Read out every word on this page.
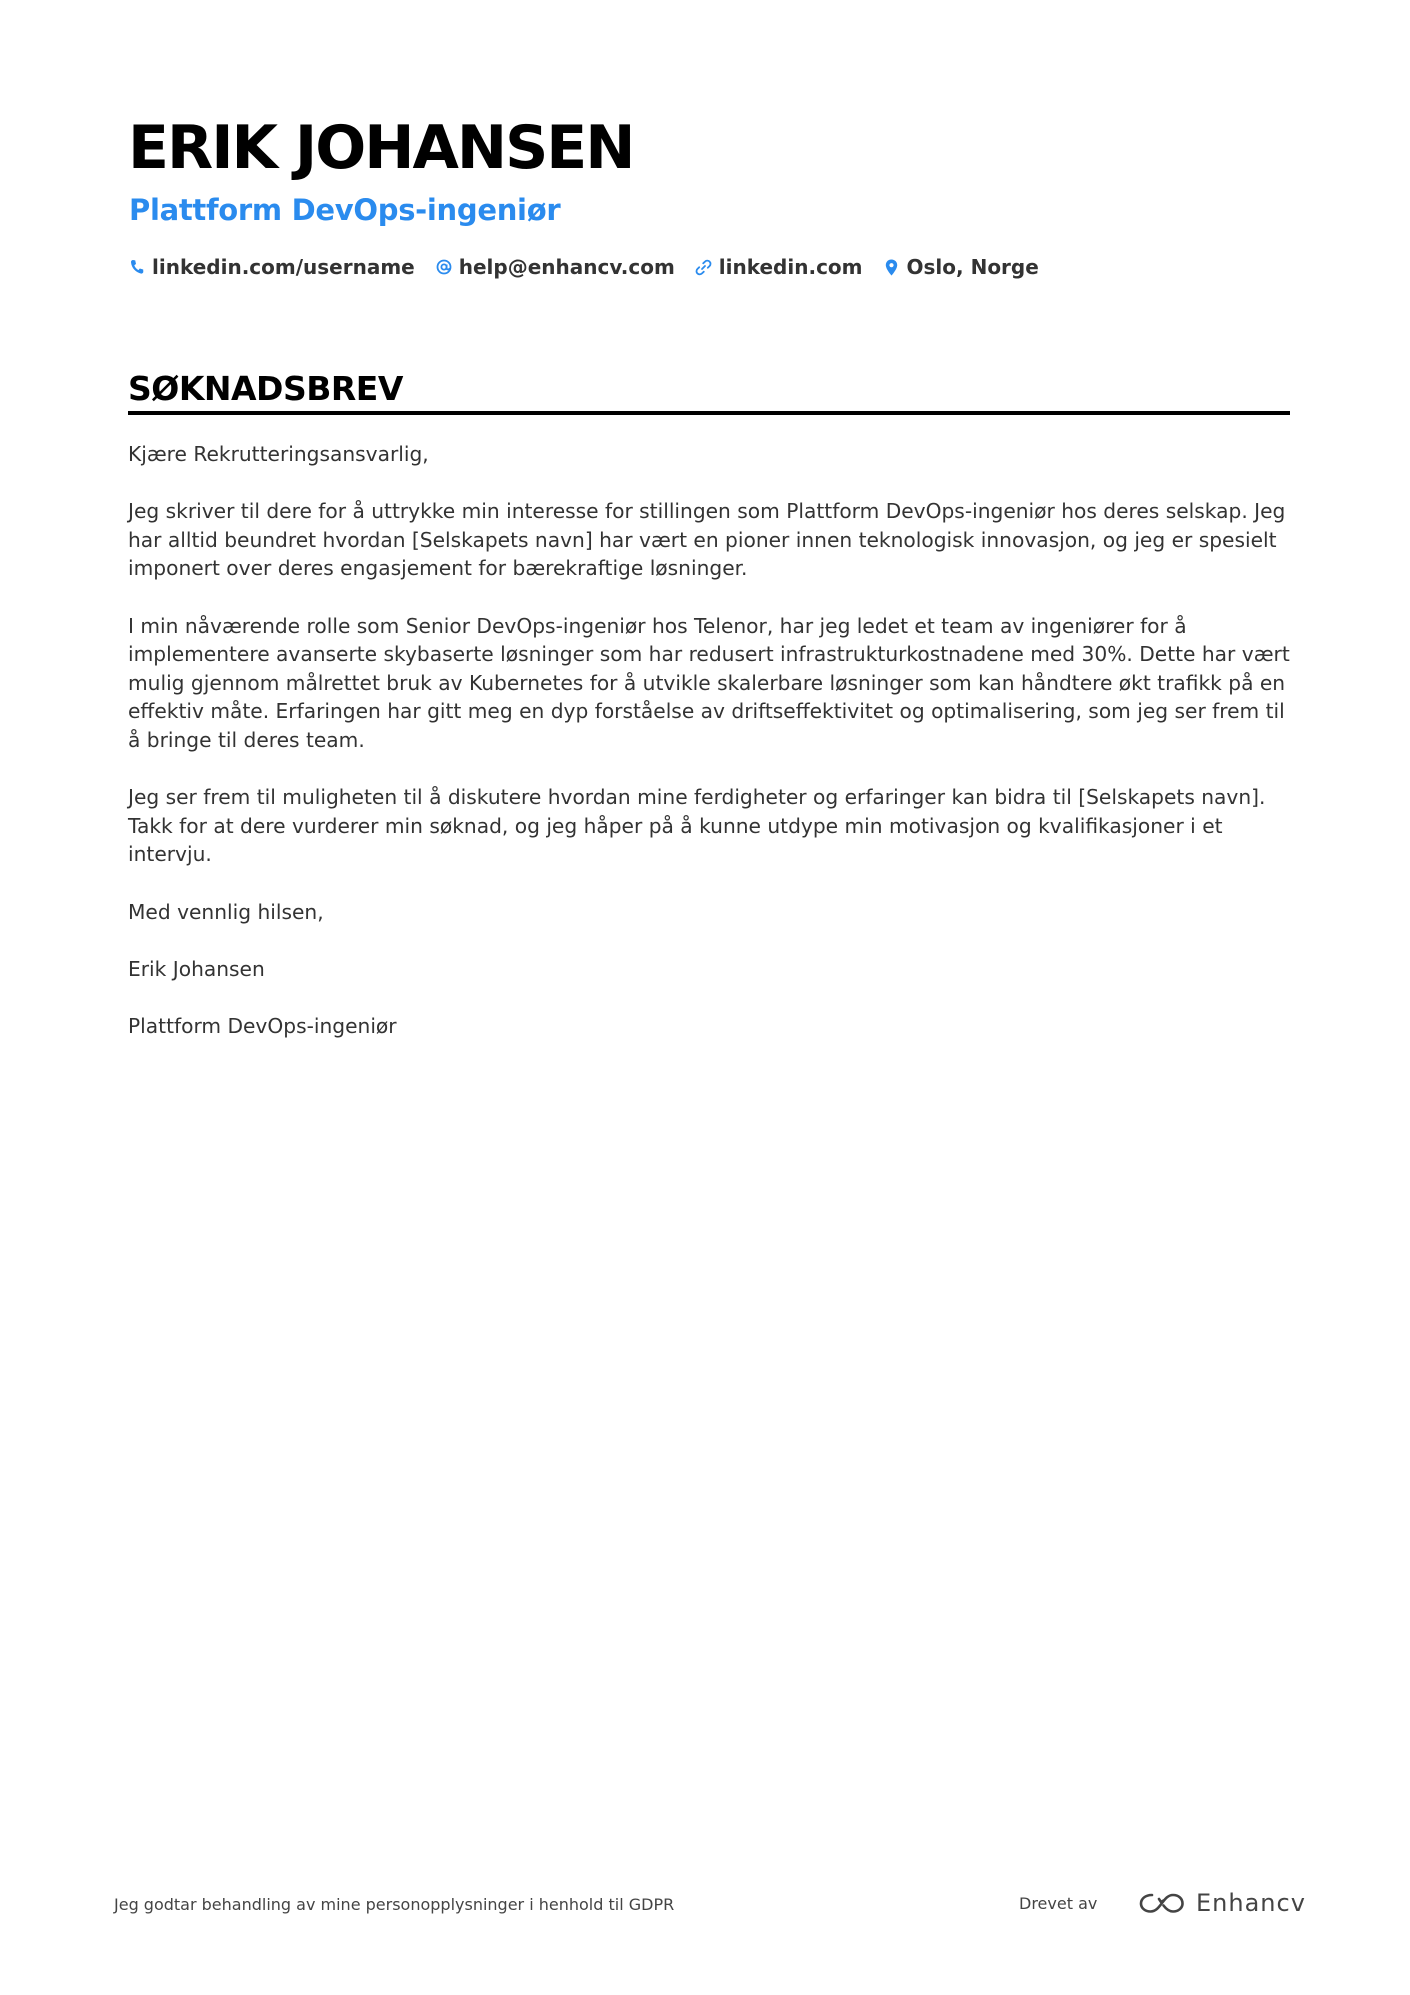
ERIK JOHANSEN
Plattform DevOps-ingeniør
linkedin.com/username help@enhancv.com linkedin.com Oslo, Norge
SØKNADSBREV

Kjære Rekrutteringsansvarlig,

Jeg skriver til dere for å uttrykke min interesse for stillingen som Plattform DevOps-ingeniør hos deres selskap. Jeg har alltid beundret hvordan [Selskapets navn] har vært en pioner innen teknologisk innovasjon, og jeg er spesielt imponert over deres engasjement for bærekraftige løsninger.

I min nåværende rolle som Senior DevOps-ingeniør hos Telenor, har jeg ledet et team av ingeniører for å implementere avanserte skybaserte løsninger som har redusert infrastrukturkostnadene med 30%. Dette har vært mulig gjennom målrettet bruk av Kubernetes for å utvikle skalerbare løsninger som kan håndtere økt trafikk på en effektiv måte. Erfaringen har gitt meg en dyp forståelse av driftseffektivitet og optimalisering, som jeg ser frem til å bringe til deres team.

Jeg ser frem til muligheten til å diskutere hvordan mine ferdigheter og erfaringer kan bidra til [Selskapets navn]. Takk for at dere vurderer min søknad, og jeg håper på å kunne utdype min motivasjon og kvalifikasjoner i et intervju.

Med vennlig hilsen,

Erik Johansen

Plattform DevOps-ingeniør

Jeg godtar behandling av mine personopplysninger i henhold til GDPR	Drevet av	Enhancv
